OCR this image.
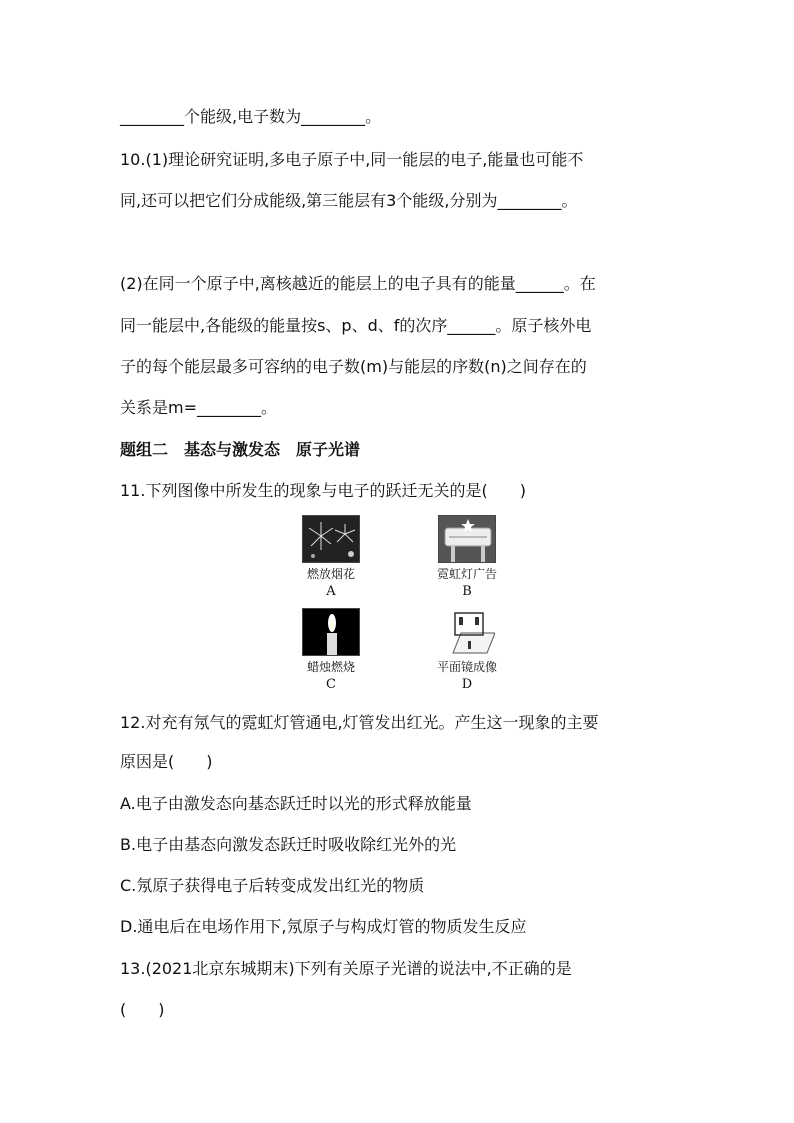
________个能级,电子数为________。
10.(1)理论研究证明,多电子原子中,同一能层的电子,能量也可能不
同,还可以把它们分成能级,第三能层有3个能级,分别为________。
(2)在同一个原子中,离核越近的能层上的电子具有的能量______。在
同一能层中,各能级的能量按s、p、d、f的次序______。原子核外电
子的每个能层最多可容纳的电子数(m)与能层的序数(n)之间存在的
关系是m=________。
题组二　基态与激发态　原子光谱
11.下列图像中所发生的现象与电子的跃迁无关的是(　　)
燃放烟花
A
霓虹灯广告
B
蜡烛燃烧
C
平面镜成像
D
12.对充有氖气的霓虹灯管通电,灯管发出红光。产生这一现象的主要
原因是(　　)
A.电子由激发态向基态跃迁时以光的形式释放能量
B.电子由基态向激发态跃迁时吸收除红光外的光
C.氖原子获得电子后转变成发出红光的物质
D.通电后在电场作用下,氖原子与构成灯管的物质发生反应
13.(2021北京东城期末)下列有关原子光谱的说法中,不正确的是
(　　)
